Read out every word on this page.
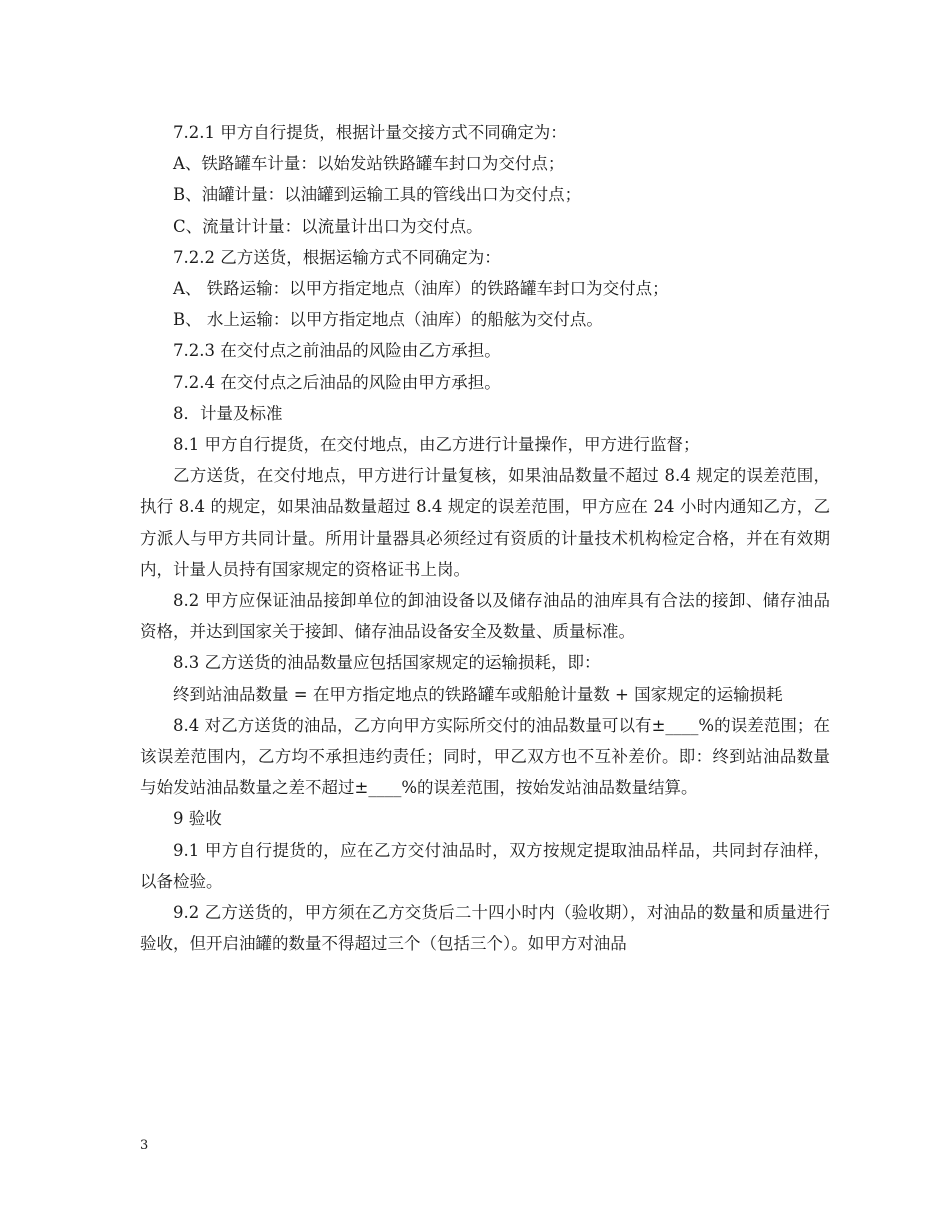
7.2.1 甲方自行提货，根据计量交接方式不同确定为：

A、铁路罐车计量：以始发站铁路罐车封口为交付点；

B、油罐计量：以油罐到运输工具的管线出口为交付点；

C、流量计计量：以流量计出口为交付点。

7.2.2 乙方送货，根据运输方式不同确定为：

A、 铁路运输：以甲方指定地点（油库）的铁路罐车封口为交付点；

B、 水上运输：以甲方指定地点（油库）的船舷为交付点。

7.2.3 在交付点之前油品的风险由乙方承担。

7.2.4 在交付点之后油品的风险由甲方承担。

8．计量及标准

8.1 甲方自行提货，在交付地点，由乙方进行计量操作，甲方进行监督；

乙方送货，在交付地点，甲方进行计量复核，如果油品数量不超过 8.4 规定的误差范围，执行 8.4 的规定，如果油品数量超过 8.4 规定的误差范围，甲方应在 24 小时内通知乙方，乙方派人与甲方共同计量。所用计量器具必须经过有资质的计量技术机构检定合格，并在有效期内，计量人员持有国家规定的资格证书上岗。

8.2 甲方应保证油品接卸单位的卸油设备以及储存油品的油库具有合法的接卸、储存油品资格，并达到国家关于接卸、储存油品设备安全及数量、质量标准。

8.3 乙方送货的油品数量应包括国家规定的运输损耗，即：

终到站油品数量 = 在甲方指定地点的铁路罐车或船舱计量数 + 国家规定的运输损耗

8.4 对乙方送货的油品，乙方向甲方实际所交付的油品数量可以有±____%的误差范围；在该误差范围内，乙方均不承担违约责任；同时，甲乙双方也不互补差价。即：终到站油品数量与始发站油品数量之差不超过±____%的误差范围，按始发站油品数量结算。

9 验收

9.1 甲方自行提货的，应在乙方交付油品时，双方按规定提取油品样品，共同封存油样，以备检验。

9.2 乙方送货的，甲方须在乙方交货后二十四小时内（验收期），对油品的数量和质量进行验收，但开启油罐的数量不得超过三个（包括三个）。如甲方对油品

3
